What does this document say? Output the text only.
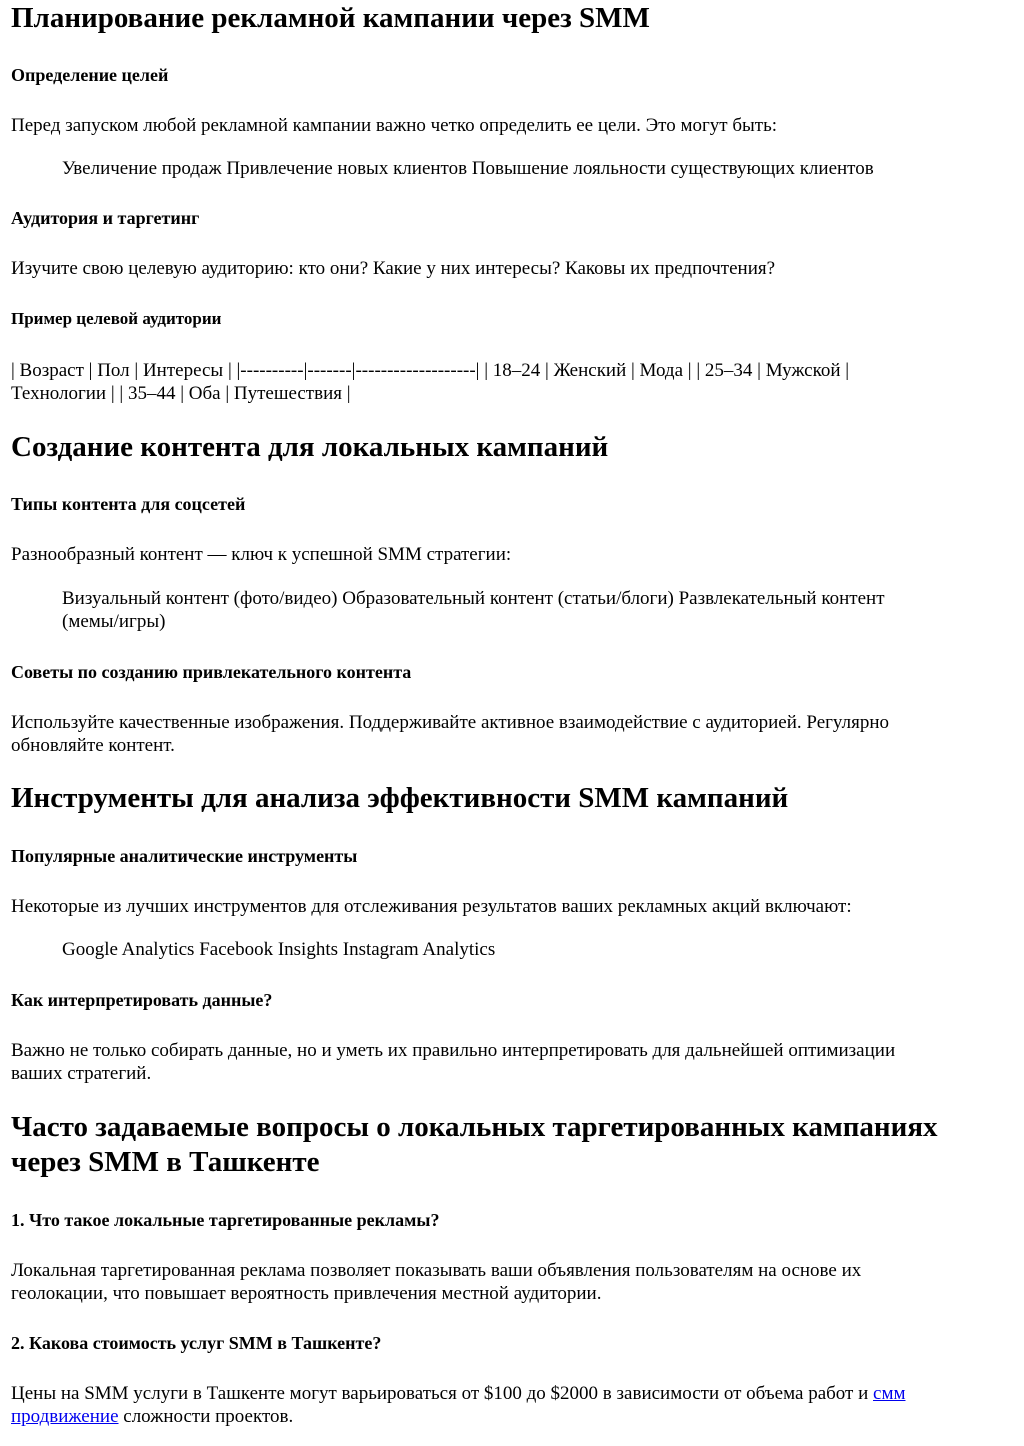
Планирование рекламной кампании через SMM
Определение целей

Перед запуском любой рекламной кампании важно четко определить ее цели. Это могут быть:

Увеличение продаж Привлечение новых клиентов Повышение лояльности существующих клиентов

Аудитория и таргетинг

Изучите свою целевую аудиторию: кто они? Какие у них интересы? Каковы их предпочтения?

Пример целевой аудитории

| Возраст | Пол | Интересы | |----------|-------|-------------------| | 18–24 | Женский | Мода | | 25–34 | Мужской |

Технологии | | 35–44 | Оба | Путешествия |

Создание контента для локальных кампаний
Типы контента для соцсетей

Разнообразный контент — ключ к успешной SMM стратегии:

Визуальный контент (фото/видео) Образовательный контент (статьи/блоги) Развлекательный контент

(мемы/игры)

Советы по созданию привлекательного контента

Используйте качественные изображения. Поддерживайте активное взаимодействие с аудиторией. Регулярно

обновляйте контент.

Инструменты для анализа эффективности SMM кампаний
Популярные аналитические инструменты

Некоторые из лучших инструментов для отслеживания результатов ваших рекламных акций включают:

Google Analytics Facebook Insights Instagram Analytics

Как интерпретировать данные?

Важно не только собирать данные, но и уметь их правильно интерпретировать для дальнейшей оптимизации

ваших стратегий.

Часто задаваемые вопросы о локальных таргетированных кампаниях
через SMM в Ташкенте
1. Что такое локальные таргетированные рекламы?

Локальная таргетированная реклама позволяет показывать ваши объявления пользователям на основе их

геолокации, что повышает вероятность привлечения местной аудитории.

2. Какова стоимость услуг SMM в Ташкенте?

Цены на SMM услуги в Ташкенте могут варьироваться от $100 до $2000 в зависимости от объема работ и смм

продвижение сложности проектов.
